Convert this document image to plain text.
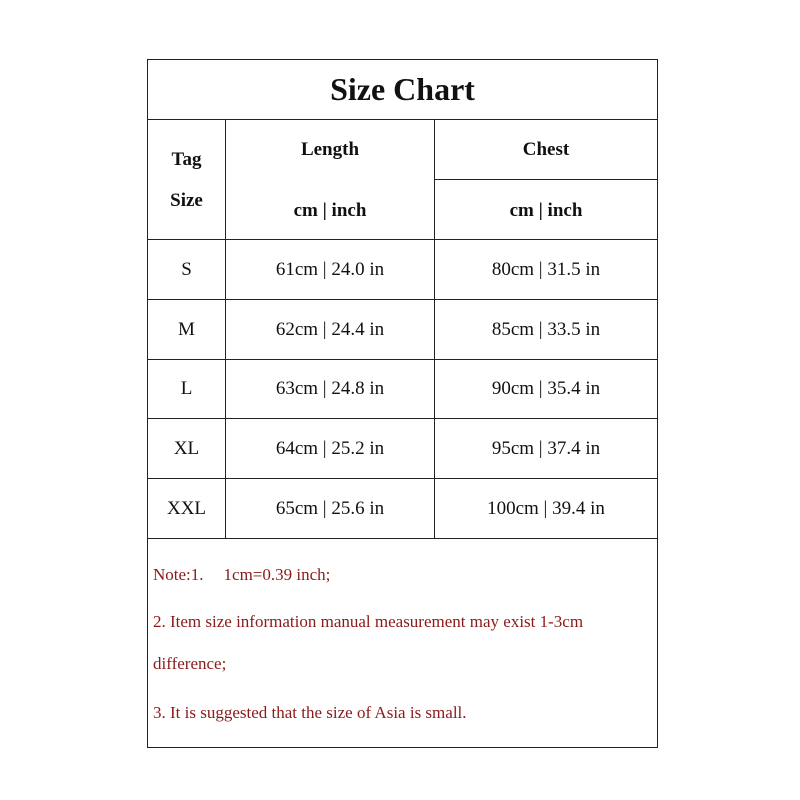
Size Chart
Tag
Size
Length	Chest
cm | inch	cm | inch
S	61cm | 24.0 in	80cm | 31.5 in
M	62cm | 24.4 in	85cm | 33.5 in
L	63cm | 24.8 in	90cm | 35.4 in
XL	64cm | 25.2 in	95cm | 37.4 in
XXL	65cm | 25.6 in	100cm | 39.4 in
Note:1. 1cm=0.39 inch;
2. Item size information manual measurement may exist 1-3cm
difference;
3. It is suggested that the size of Asia is small.
